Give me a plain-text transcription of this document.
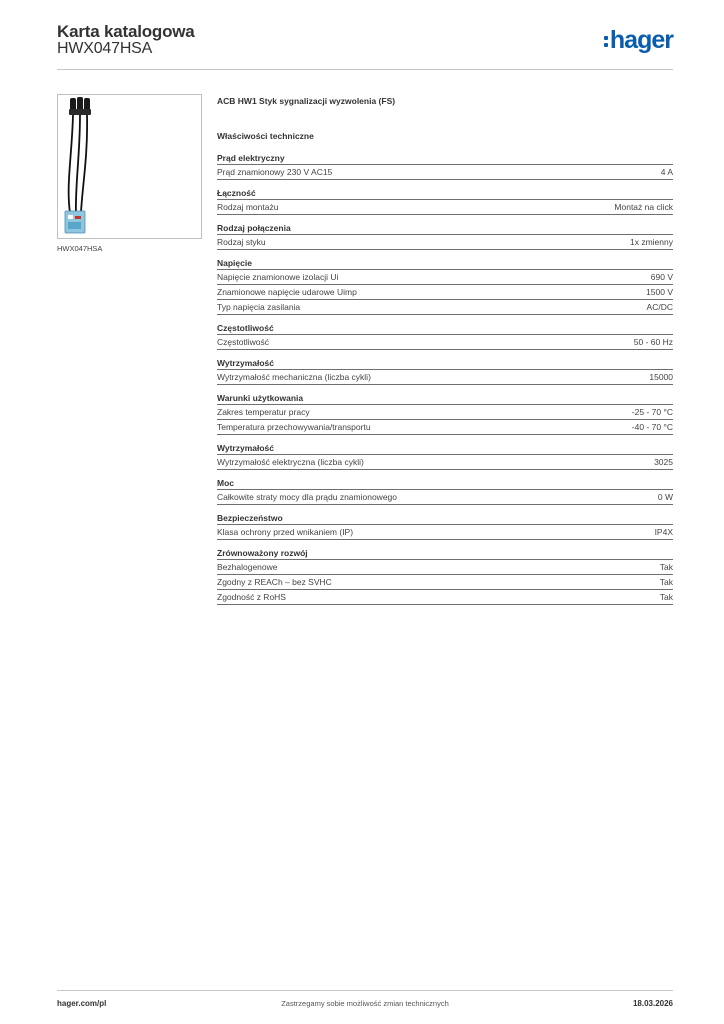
Karta katalogowa
HWX047HSA	hager
HWX047HSA
ACB HW1 Styk sygnalizacji wyzwolenia (FS)
Właściwości techniczne
Prąd elektryczny
Prąd znamionowy 230 V AC15	4 A
Łączność
Rodzaj montażu	Montaż na click
Rodzaj połączenia
Rodzaj styku	1x zmienny
Napięcie
Napięcie znamionowe izolacji Ui	690 V
Znamionowe napięcie udarowe Uimp	1500 V
Typ napięcia zasilania	AC/DC
Częstotliwość
Częstotliwość	50 - 60 Hz
Wytrzymałość
Wytrzymałość mechaniczna (liczba cykli)	15000
Warunki użytkowania
Zakres temperatur pracy	-25 - 70 °C
Temperatura przechowywania/transportu	-40 - 70 °C
Wytrzymałość
Wytrzymałość elektryczna (liczba cykli)	3025
Moc
Całkowite straty mocy dla prądu znamionowego	0 W
Bezpieczeństwo
Klasa ochrony przed wnikaniem (IP)	IP4X
Zrównoważony rozwój
Bezhalogenowe	Tak
Zgodny z REACh – bez SVHC	Tak
Zgodność z RoHS	Tak
hager.com/pl	Zastrzegamy sobie możliwość zmian technicznych	18.03.2026
